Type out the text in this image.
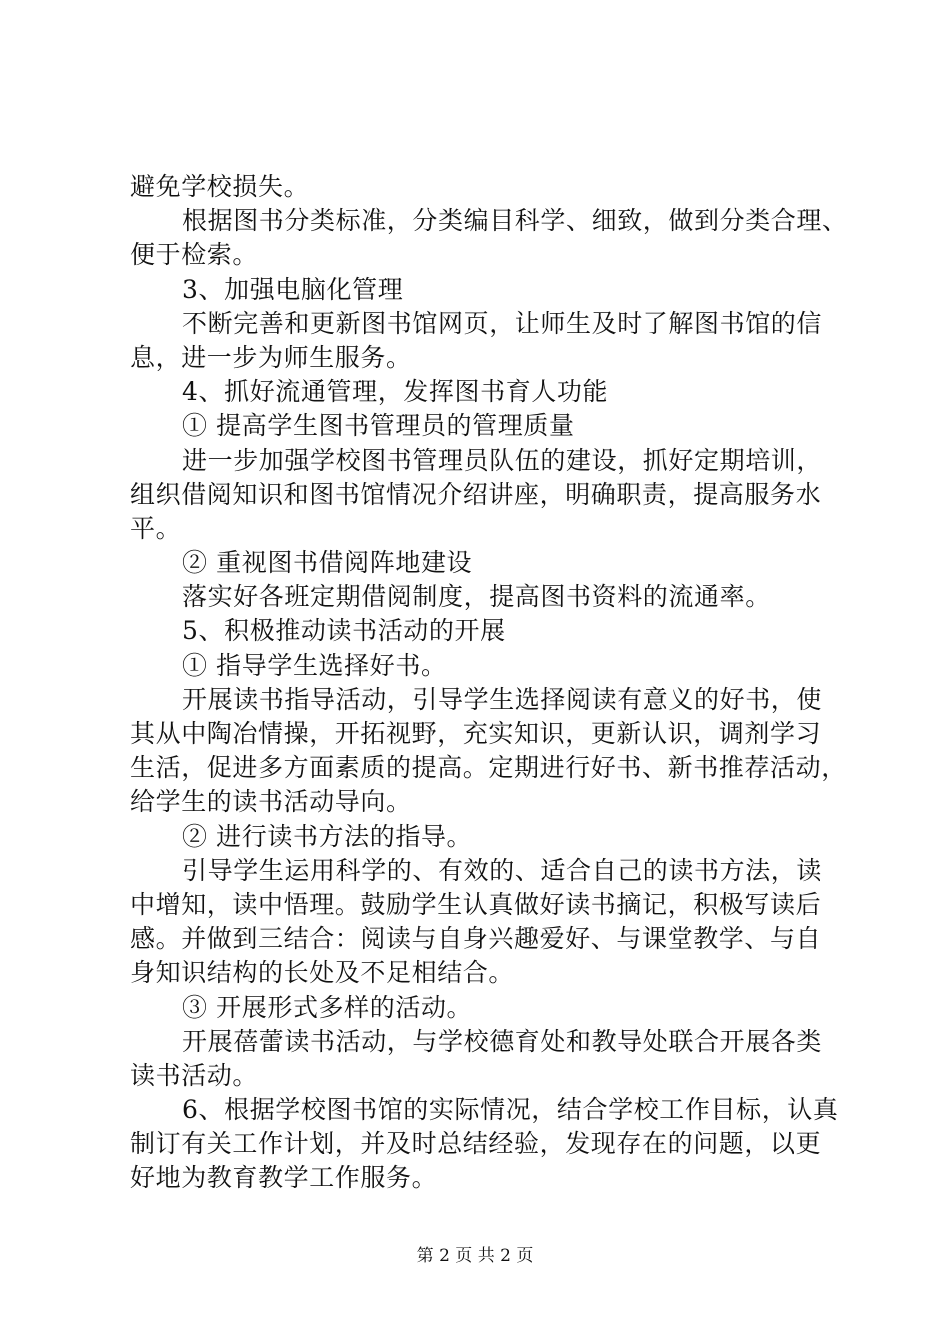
避免学校损失。
根据图书分类标准，分类编目科学、细致，做到分类合理、
便于检索。
3、加强电脑化管理
不断完善和更新图书馆网页，让师生及时了解图书馆的信
息，进一步为师生服务。
4、抓好流通管理，发挥图书育人功能
① 提高学生图书管理员的管理质量
进一步加强学校图书管理员队伍的建设，抓好定期培训，
组织借阅知识和图书馆情况介绍讲座，明确职责，提高服务水
平。
② 重视图书借阅阵地建设
落实好各班定期借阅制度，提高图书资料的流通率。
5、积极推动读书活动的开展
① 指导学生选择好书。
开展读书指导活动，引导学生选择阅读有意义的好书，使
其从中陶冶情操，开拓视野，充实知识，更新认识，调剂学习
生活，促进多方面素质的提高。定期进行好书、新书推荐活动，
给学生的读书活动导向。
② 进行读书方法的指导。
引导学生运用科学的、有效的、适合自己的读书方法，读
中增知，读中悟理。鼓励学生认真做好读书摘记，积极写读后
感。并做到三结合：阅读与自身兴趣爱好、与课堂教学、与自
身知识结构的长处及不足相结合。
③ 开展形式多样的活动。
开展蓓蕾读书活动，与学校德育处和教导处联合开展各类
读书活动。
6、根据学校图书馆的实际情况，结合学校工作目标，认真
制订有关工作计划，并及时总结经验，发现存在的问题，以更
好地为教育教学工作服务。
第 2 页 共 2 页
